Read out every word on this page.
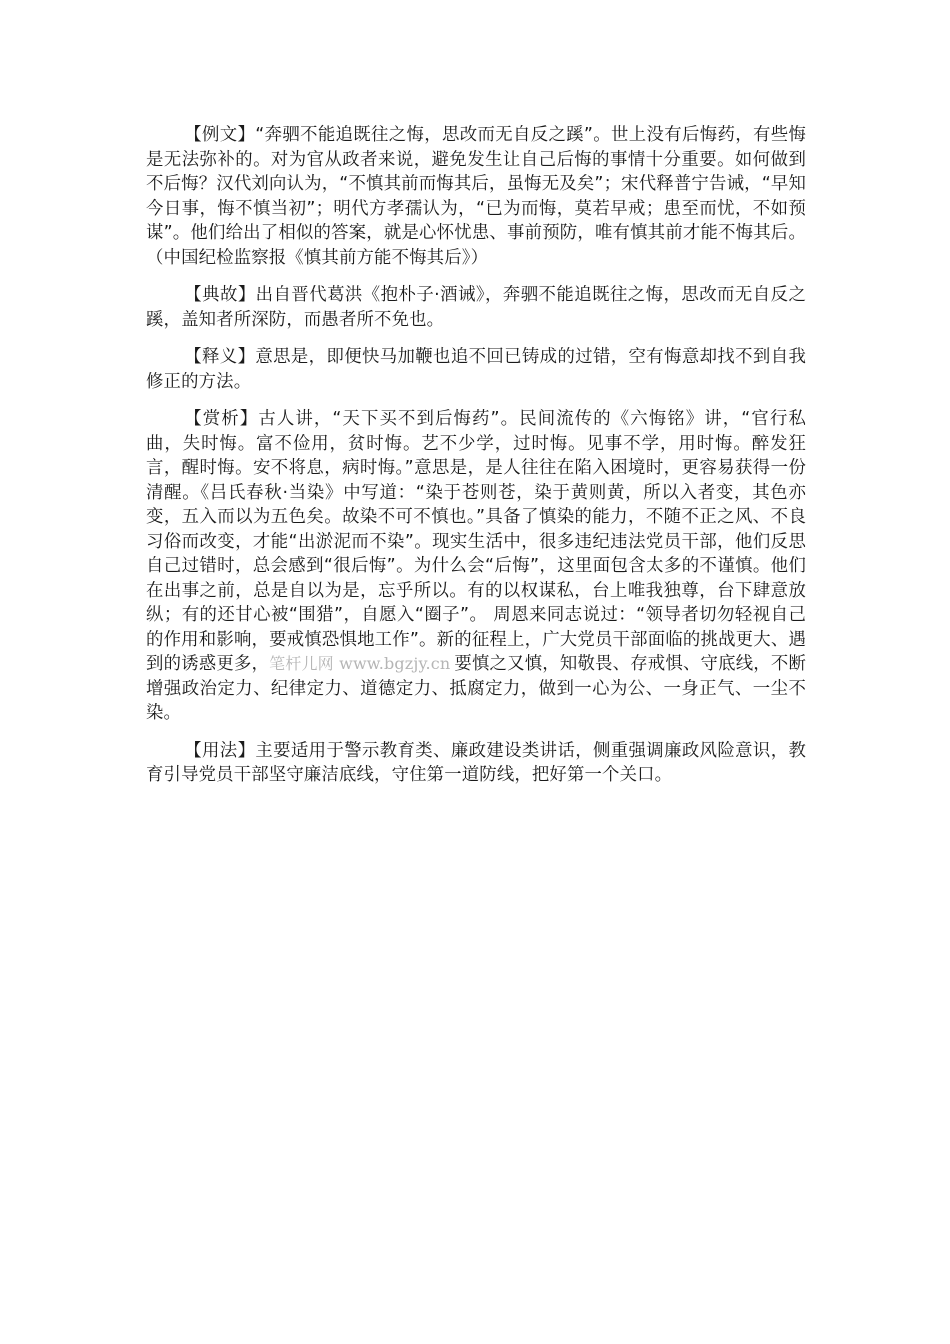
【例文】“奔驷不能追既往之悔，思改而无自反之蹊”。世上没有后悔药，有些悔是无法弥补的。对为官从政者来说，避免发生让自己后悔的事情十分重要。如何做到不后悔？汉代刘向认为，“不慎其前而悔其后，虽悔无及矣”；宋代释普宁告诫，“早知今日事，悔不慎当初”；明代方孝孺认为，“已为而悔，莫若早戒；患至而忧，不如预谋”。他们给出了相似的答案，就是心怀忧患、事前预防，唯有慎其前才能不悔其后。（中国纪检监察报《慎其前方能不悔其后》）

【典故】出自晋代葛洪《抱朴子·酒诫》，奔驷不能追既往之悔，思改而无自反之蹊，盖知者所深防，而愚者所不免也。

【释义】意思是，即便快马加鞭也追不回已铸成的过错，空有悔意却找不到自我修正的方法。

【赏析】古人讲，“天下买不到后悔药”。民间流传的《六悔铭》讲，“官行私曲，失时悔。富不俭用，贫时悔。艺不少学，过时悔。见事不学，用时悔。醉发狂言，醒时悔。安不将息，病时悔。”意思是，是人往往在陷入困境时，更容易获得一份清醒。《吕氏春秋·当染》中写道：“染于苍则苍，染于黄则黄，所以入者变，其色亦变，五入而以为五色矣。故染不可不慎也。”具备了慎染的能力，不随不正之风、不良习俗而改变，才能“出淤泥而不染”。现实生活中，很多违纪违法党员干部，他们反思自己过错时，总会感到“很后悔”。为什么会“后悔”，这里面包含太多的不谨慎。他们在出事之前，总是自以为是，忘乎所以。有的以权谋私，台上唯我独尊，台下肆意放纵；有的还甘心被“围猎”，自愿入“圈子”。 周恩来同志说过：“领导者切勿轻视自己的作用和影响，要戒慎恐惧地工作”。新的征程上，广大党员干部面临的挑战更大、遇到的诱惑更多，笔杆儿网 www.bgzjy.cn 要慎之又慎，知敬畏、存戒惧、守底线，不断增强政治定力、纪律定力、道德定力、抵腐定力，做到一心为公、一身正气、一尘不染。

【用法】主要适用于警示教育类、廉政建设类讲话，侧重强调廉政风险意识，教育引导党员干部坚守廉洁底线，守住第一道防线，把好第一个关口。
